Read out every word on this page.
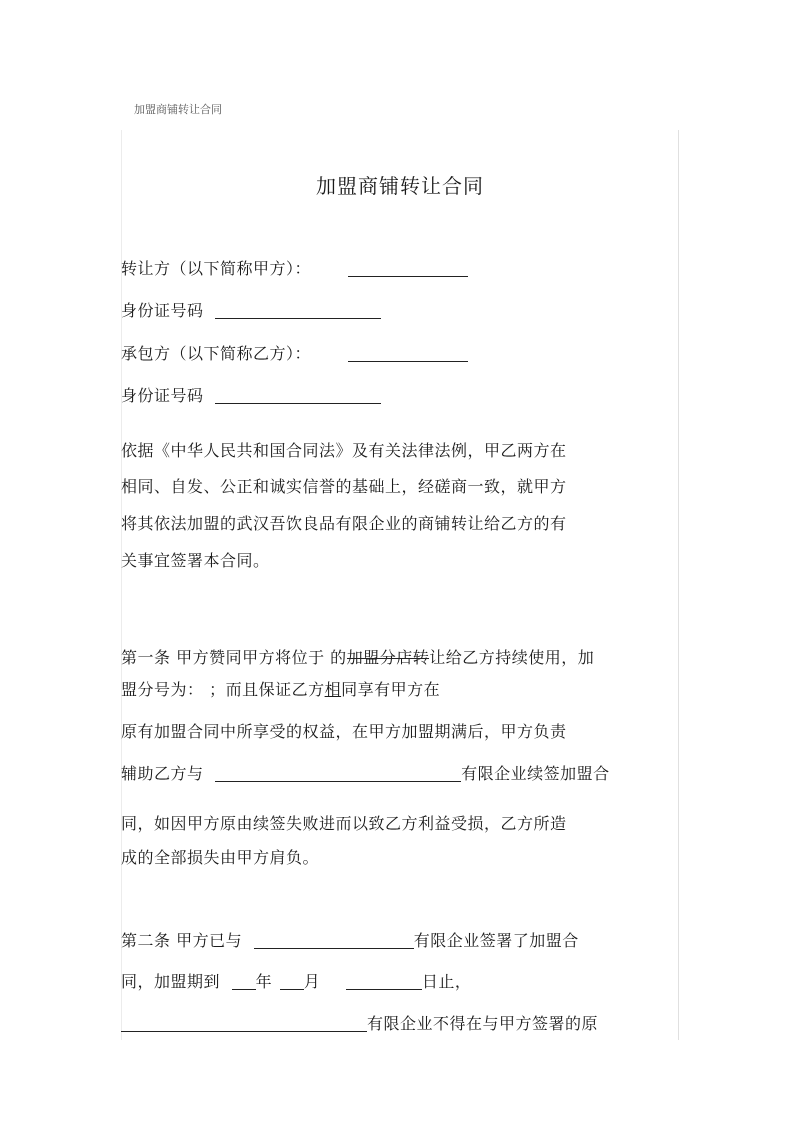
加盟商铺转让合同
加盟商铺转让合同
转让方（以下简称甲方）：
身份证号码
承包方（以下简称乙方）：
身份证号码
依据《中华人民共和国合同法》及有关法律法例，甲乙两方在
相同、自发、公正和诚实信誉的基础上，经磋商一致，就甲方
将其依法加盟的武汉吾饮良品有限企业的商铺转让给乙方的有
关事宜签署本合同。
第一条 甲方赞同甲方将位于 的加盟分店转让给乙方持续使用，加
盟分号为： ；而且保证乙方相同享有甲方在
原有加盟合同中所享受的权益，在甲方加盟期满后，甲方负责
辅助乙方与	有限企业续签加盟合
同，如因甲方原由续签失败进而以致乙方利益受损，乙方所造
成的全部损失由甲方肩负。
第二条 甲方已与	有限企业签署了加盟合
同，加盟期到 年 月	日止，
有限企业不得在与甲方签署的原
